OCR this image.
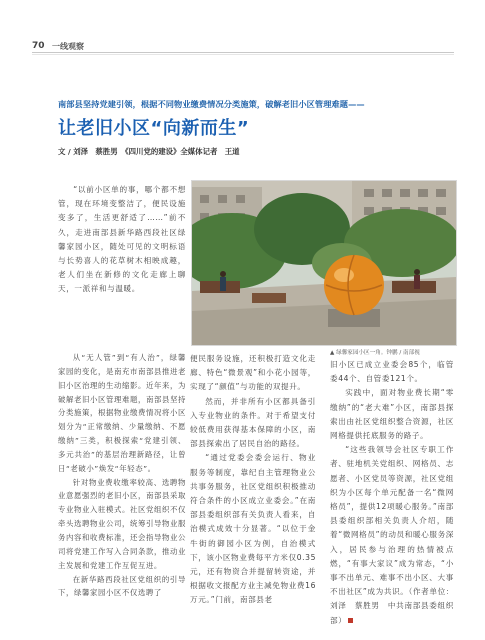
70 一线观察
南部县坚持党建引领，根据不同物业缴费情况分类施策，破解老旧小区管理难题——
让老旧小区“向新而生”
文 / 刘泽　蔡胜男　《四川党的建设》全媒体记者　王道

“以前小区单的事，哪个都不想管，现在环境变整洁了，便民设施变多了，生活更舒适了……”前不久，走进南部县新华路西段社区绿馨家园小区，随处可见的文明标语与长势喜人的花草树木相映成趣，老人们坐在新修的文化走廊上聊天，一派祥和与温暖。

▲ 绿馨家园小区一角。钟鹏 / 南部视

从“无人管”到“有人治”，绿馨家园的变化，是南充市南部县推进老旧小区治理的生动缩影。近年来，为破解老旧小区管理难题，南部县坚持分类施策，根据物业缴费情况将小区划分为“正常缴纳、少量缴纳、不愿缴纳”三类，积极探索“党建引领、多元共治”的基层治理新路径，让曾日“老破小”焕发“年轻态”。

针对物业费收缴率较高、选聘物业意愿强烈的老旧小区，南部县采取专业物业入驻模式。社区党组织不仅牵头选聘物业公司，统筹引导物业服务内容和收费标准，还会指导物业公司将党建工作写入合同条款，推动业主发展和党建工作互促互进。

在新华路西段社区党组织的引导下，绿馨家园小区不仅选聘了

便民服务设施，还积极打造文化走廊、特色“微景观”和小花小园等，实现了“颜值”与功能的双提升。

然而，并非所有小区都具备引入专业物业的条件。对于希望支付较低费用获得基本保障的小区，南部县探索出了居民自治的路径。

“通过党委会委会运行、物业服务等制度，靠纪自主管理物业公共事务服务，社区党组织积极推动符合条件的小区成立业委会。”在南部县委组织部有关负责人看来，自治模式成效十分显著。“以位于金牛街的御园小区为例，自治模式下，该小区物业费每平方米仅0.35元，还有物资合并提留转资途，并根据收文报配方业主减免物业费16万元。”门前，南部县老

旧小区已成立业委会85个，临管委44个、自管委121个。

实践中，面对物业费长期“零缴纳”的“老大难”小区，南部县探索出由社区党组织整合资源，社区网格提供托底服务的路子。

“这些我领导会社区专职工作者、驻地机关党组织、网格员、志愿者、小区党员等资源，社区党组织为小区每个单元配备一名“微网格员”，提供12项暖心服务。”南部县委组织部相关负责人介绍，随着“微网格员”的动员和暖心服务深入，居民参与治理的热情被点燃，“有事大家议”成为常态，“小事不出单元、难事不出小区、大事不出社区”成为共识。（作者单位：刘泽　蔡胜男　中共南部县委组织部）
